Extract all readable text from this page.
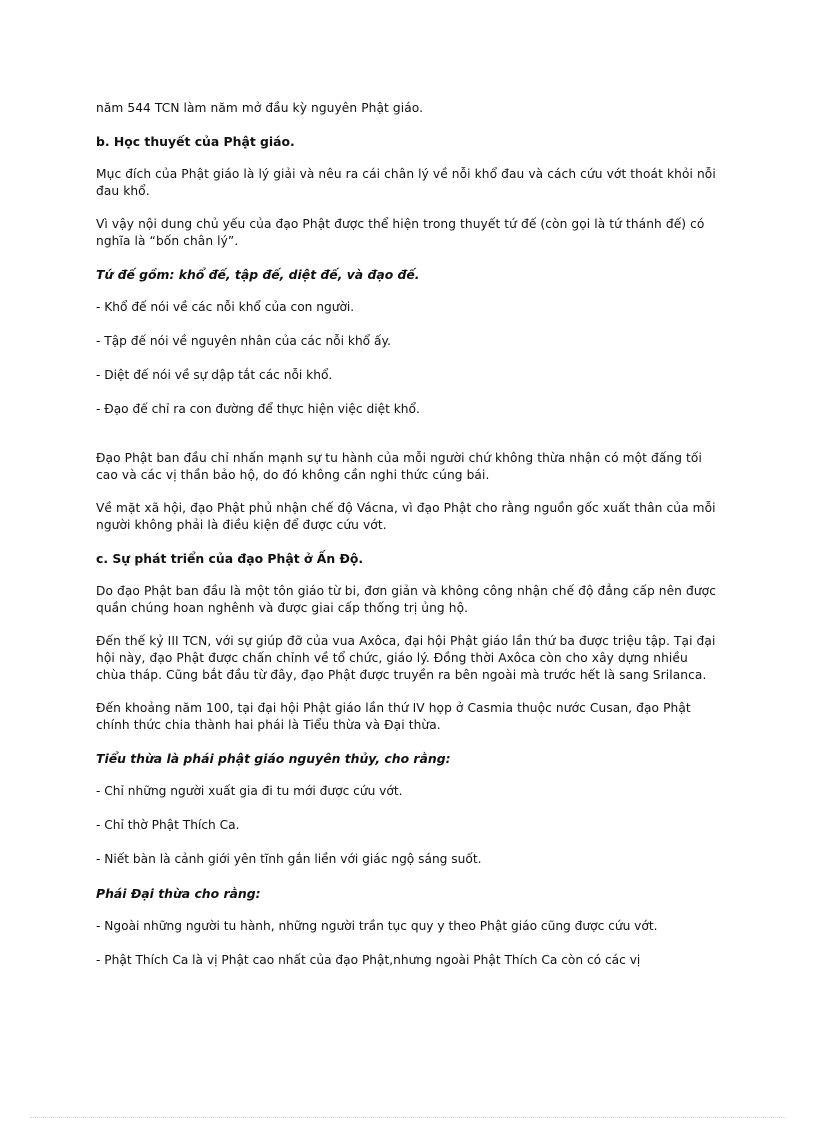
năm 544 TCN làm năm mở đầu kỳ nguyên Phật giáo.

b. Học thuyết của Phật giáo.

Mục đích của Phật giáo là lý giải và nêu ra cái chân lý về nỗi khổ đau và cách cứu vớt thoát khỏi nỗi đau khổ.

Vì vậy nội dung chủ yếu của đạo Phật được thể hiện trong thuyết tứ đế (còn gọi là tứ thánh đế) có nghĩa là “bốn chân lý”.

Tứ đế gồm: khổ đế, tập đế, diệt đế, và đạo đế.

- Khổ đế nói về các nỗi khổ của con người.

- Tập đế nói về nguyên nhân của các nỗi khổ ấy.

- Diệt đế nói về sự dập tắt các nỗi khổ.

- Đạo đế chỉ ra con đường để thực hiện việc diệt khổ.

Đạo Phật ban đầu chỉ nhấn mạnh sự tu hành của mỗi người chứ không thừa nhận có một đấng tối cao và các vị thần bảo hộ, do đó không cần nghi thức cúng bái.

Về mặt xã hội, đạo Phật phủ nhận chế độ Vácna, vì đạo Phật cho rằng nguồn gốc xuất thân của mỗi người không phải là điều kiện để được cứu vớt.

c. Sự phát triển của đạo Phật ở Ấn Độ.

Do đạo Phật ban đầu là một tôn giáo từ bi, đơn giản và không công nhận chế độ đẳng cấp nên được quần chúng hoan nghênh và được giai cấp thống trị ủng hộ.

Đến thế kỷ III TCN, với sự giúp đỡ của vua Axôca, đại hội Phật giáo lần thứ ba được triệu tập. Tại đại hội này, đạo Phật được chấn chỉnh về tổ chức, giáo lý. Đồng thời Axôca còn cho xây dựng nhiều chùa tháp. Cũng bắt đầu từ đây, đạo Phật được truyền ra bên ngoài mà trước hết là sang Srilanca.

Đến khoảng năm 100, tại đại hội Phật giáo lần thứ IV họp ở Casmia thuộc nước Cusan, đạo Phật chính thức chia thành hai phái là Tiểu thừa và Đại thừa.

Tiểu thừa là phái phật giáo nguyên thủy, cho rằng:

- Chỉ những người xuất gia đi tu mới được cứu vớt.

- Chỉ thờ Phật Thích Ca.

- Niết bàn là cảnh giới yên tĩnh gắn liền với giác ngộ sáng suốt.

Phái Đại thừa cho rằng:

- Ngoài những người tu hành, những người trần tục quy y theo Phật giáo cũng được cứu vớt.

- Phật Thích Ca là vị Phật cao nhất của đạo Phật,nhưng ngoài Phật Thích Ca còn có các vị
